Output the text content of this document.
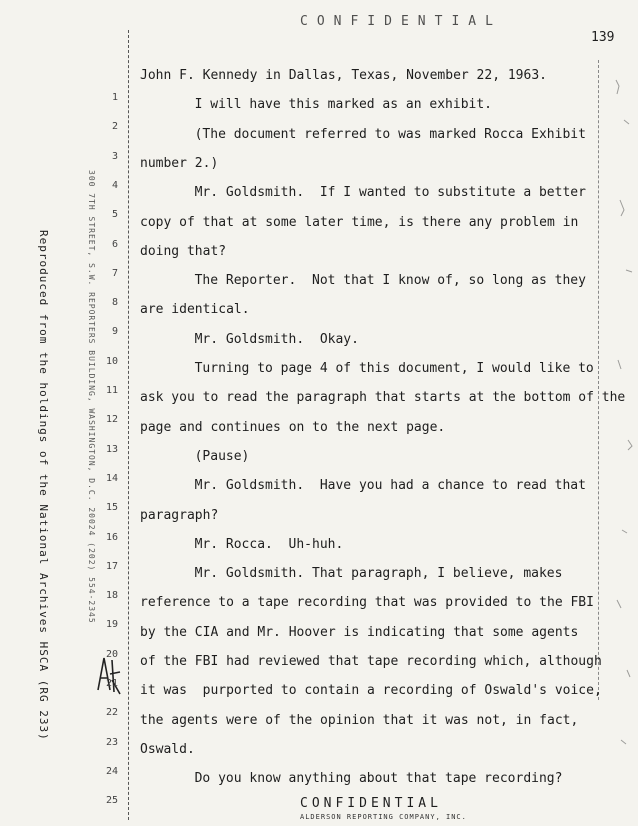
CONFIDENTIAL
139
Reproduced from the holdings of the National Archives HSCA (RG 233)	300 7TH STREET, S.W. REPORTERS BUILDING, WASHINGTON, D.C. 20024 (202) 554-2345
1
2
3
4
5
6
7
8
9
10
11
12
13
14
15
16
17
18
19
20
21
22
23
24
25
John F. Kennedy in Dallas, Texas, November 22, 1963.
I will have this marked as an exhibit.
(The document referred to was marked Rocca Exhibit
number 2.)
Mr. Goldsmith.  If I wanted to substitute a better
copy of that at some later time, is there any problem in
doing that?
The Reporter.  Not that I know of, so long as they
are identical.
Mr. Goldsmith.  Okay.
Turning to page 4 of this document, I would like to
ask you to read the paragraph that starts at the bottom of the
page and continues on to the next page.
(Pause)
Mr. Goldsmith.  Have you had a chance to read that
paragraph?
Mr. Rocca.  Uh-huh.
Mr. Goldsmith. That paragraph, I believe, makes
reference to a tape recording that was provided to the FBI
by the CIA and Mr. Hoover is indicating that some agents
of the FBI had reviewed that tape recording which, although
it was  purported to contain a recording of Oswald's voice,
the agents were of the opinion that it was not, in fact,
Oswald.
Do you know anything about that tape recording?
CONFIDENTIAL
ALDERSON REPORTING COMPANY, INC.
